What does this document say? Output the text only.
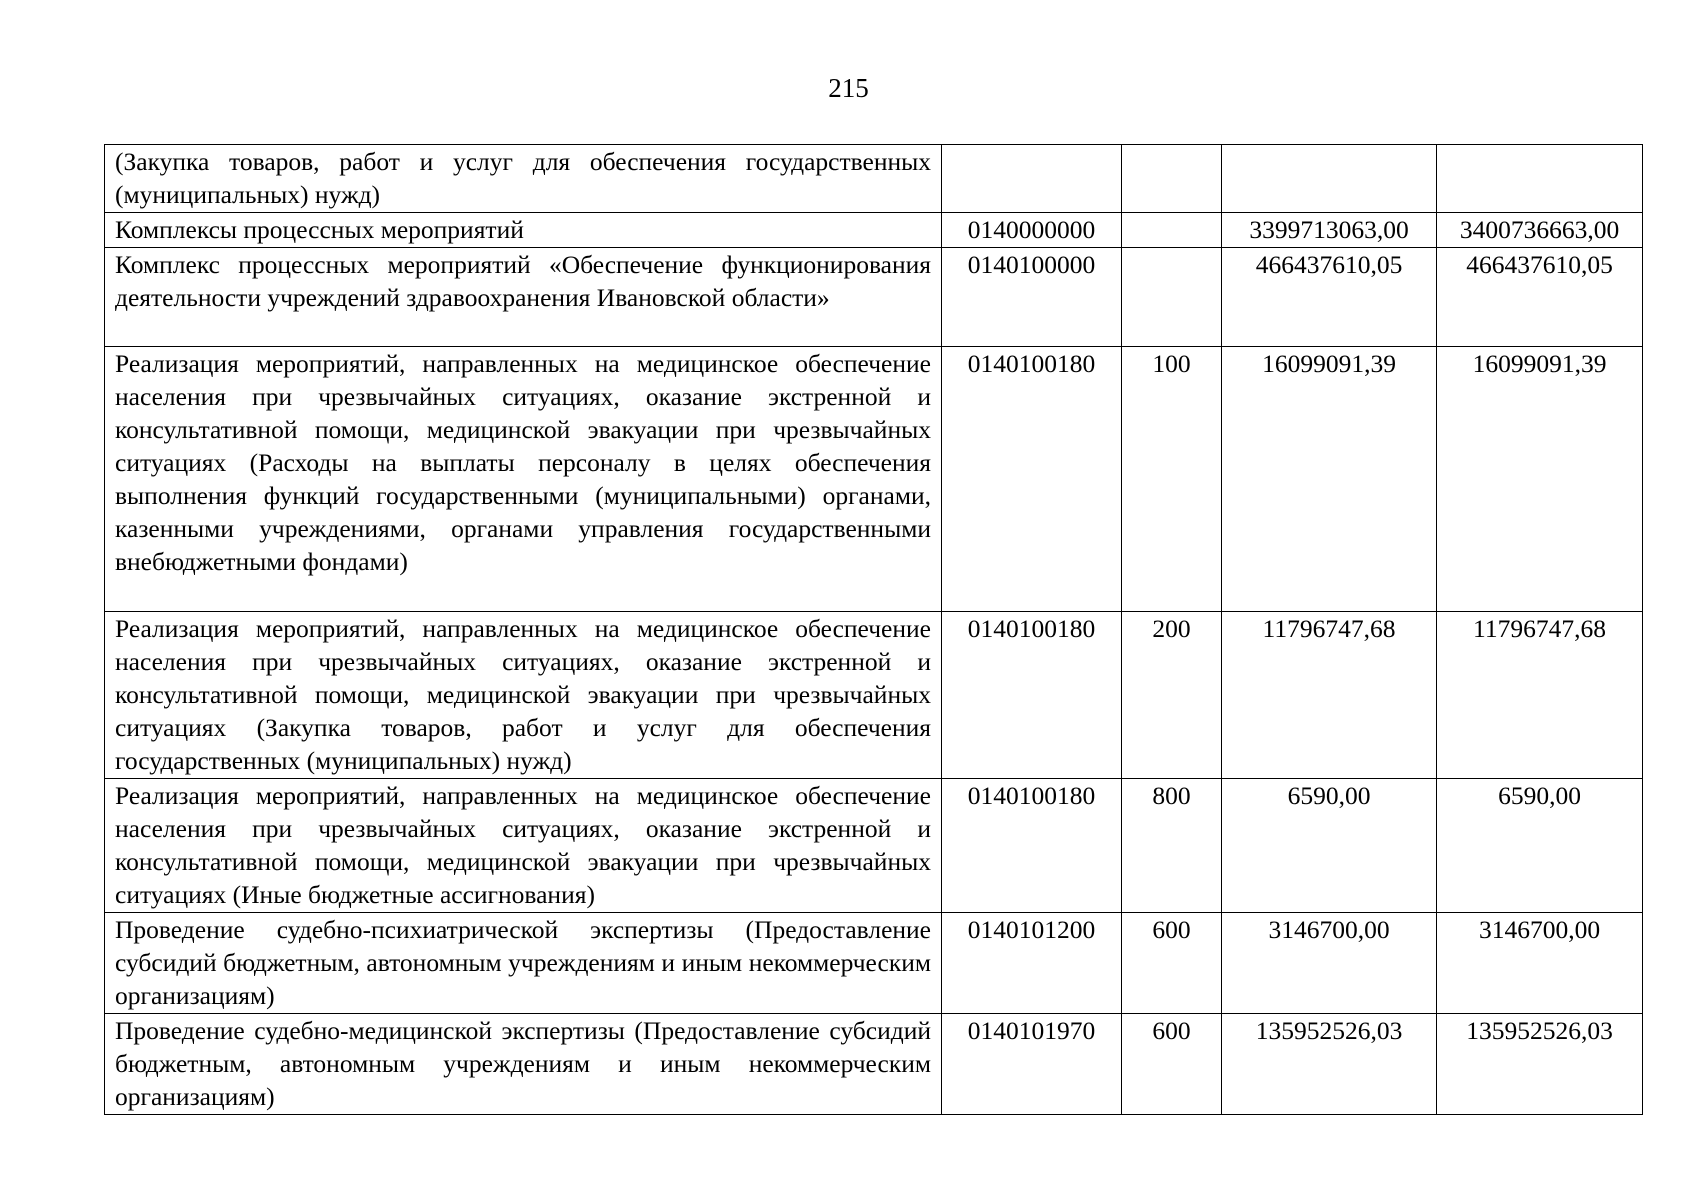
215
(Закупка товаров, работ и услуг для обеспечения государственных (муниципальных) нужд)				
Комплексы процессных мероприятий	0140000000		3399713063,00	3400736663,00
Комплекс процессных мероприятий «Обеспечение функционирования деятельности учреждений здравоохранения Ивановской области»	0140100000		466437610,05	466437610,05
Реализация мероприятий, направленных на медицинское обеспечение населения при чрезвычайных ситуациях, оказание экстренной и консультативной помощи, медицинской эвакуации при чрезвычайных ситуациях (Расходы на выплаты персоналу в целях обеспечения выполнения функций государственными (муниципальными) органами, казенными учреждениями, органами управления государственными внебюджетными фондами)	0140100180	100	16099091,39	16099091,39
Реализация мероприятий, направленных на медицинское обеспечение населения при чрезвычайных ситуациях, оказание экстренной и консультативной помощи, медицинской эвакуации при чрезвычайных ситуациях (Закупка товаров, работ и услуг для обеспечения государственных (муниципальных) нужд)	0140100180	200	11796747,68	11796747,68
Реализация мероприятий, направленных на медицинское обеспечение населения при чрезвычайных ситуациях, оказание экстренной и консультативной помощи, медицинской эвакуации при чрезвычайных ситуациях (Иные бюджетные ассигнования)	0140100180	800	6590,00	6590,00
Проведение судебно-психиатрической экспертизы (Предоставление субсидий бюджетным, автономным учреждениям и иным некоммерческим организациям)	0140101200	600	3146700,00	3146700,00
Проведение судебно-медицинской экспертизы (Предоставление субсидий бюджетным, автономным учреждениям и иным некоммерческим организациям)	0140101970	600	135952526,03	135952526,03
